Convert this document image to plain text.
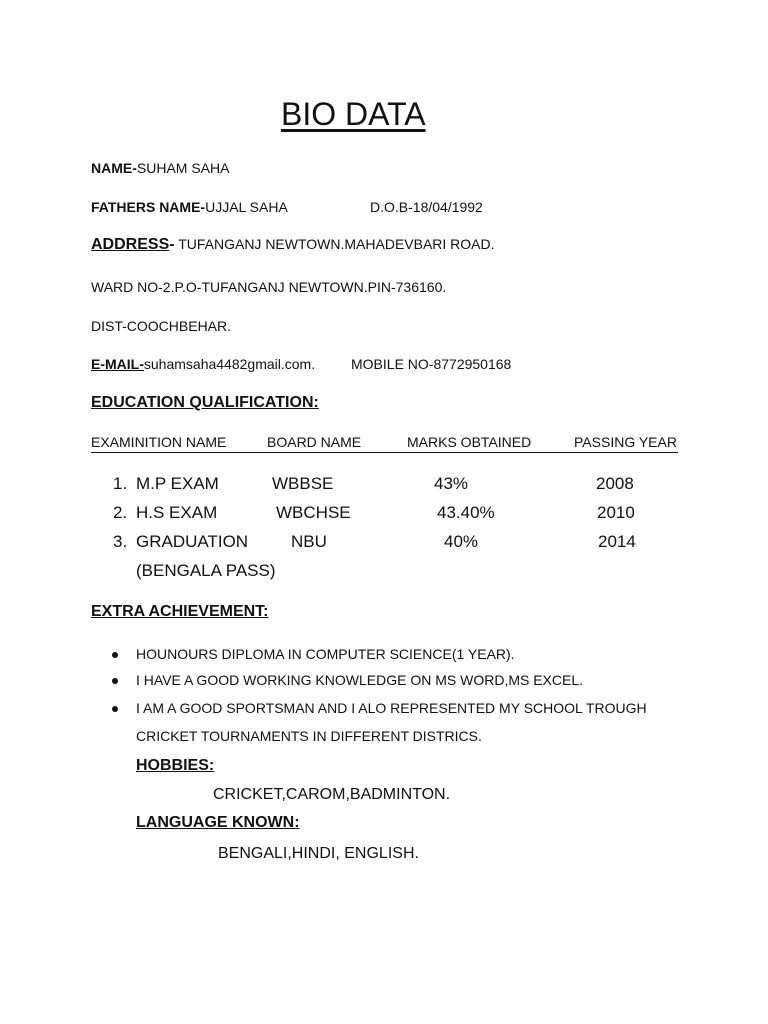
BIO DATA
NAME-SUHAM SAHA
FATHERS NAME-UJJAL SAHA	D.O.B-18/04/1992
ADDRESS- TUFANGANJ NEWTOWN.MAHADEVBARI ROAD.
WARD NO-2.P.O-TUFANGANJ NEWTOWN.PIN-736160.
DIST-COOCHBEHAR.
E-MAIL-suhamsaha4482gmail.com.	MOBILE NO-8772950168
EDUCATION QUALIFICATION:
EXAMINITION NAME	BOARD NAME	MARKS OBTAINED	PASSING YEAR
1. M.P EXAM	WBBSE	43%	2008
2. H.S EXAM	WBCHSE	43.40%	2010
3. GRADUATION	NBU	40%	2014
(BENGALA PASS)
EXTRA ACHIEVEMENT:
HOUNOURS DIPLOMA IN COMPUTER SCIENCE(1 YEAR).
I HAVE A GOOD WORKING KNOWLEDGE ON MS WORD,MS EXCEL.
I AM A GOOD SPORTSMAN AND I ALO REPRESENTED MY SCHOOL TROUGH
CRICKET TOURNAMENTS IN DIFFERENT DISTRICS.
HOBBIES:
CRICKET,CAROM,BADMINTON.
LANGUAGE KNOWN:
BENGALI,HINDI, ENGLISH.
